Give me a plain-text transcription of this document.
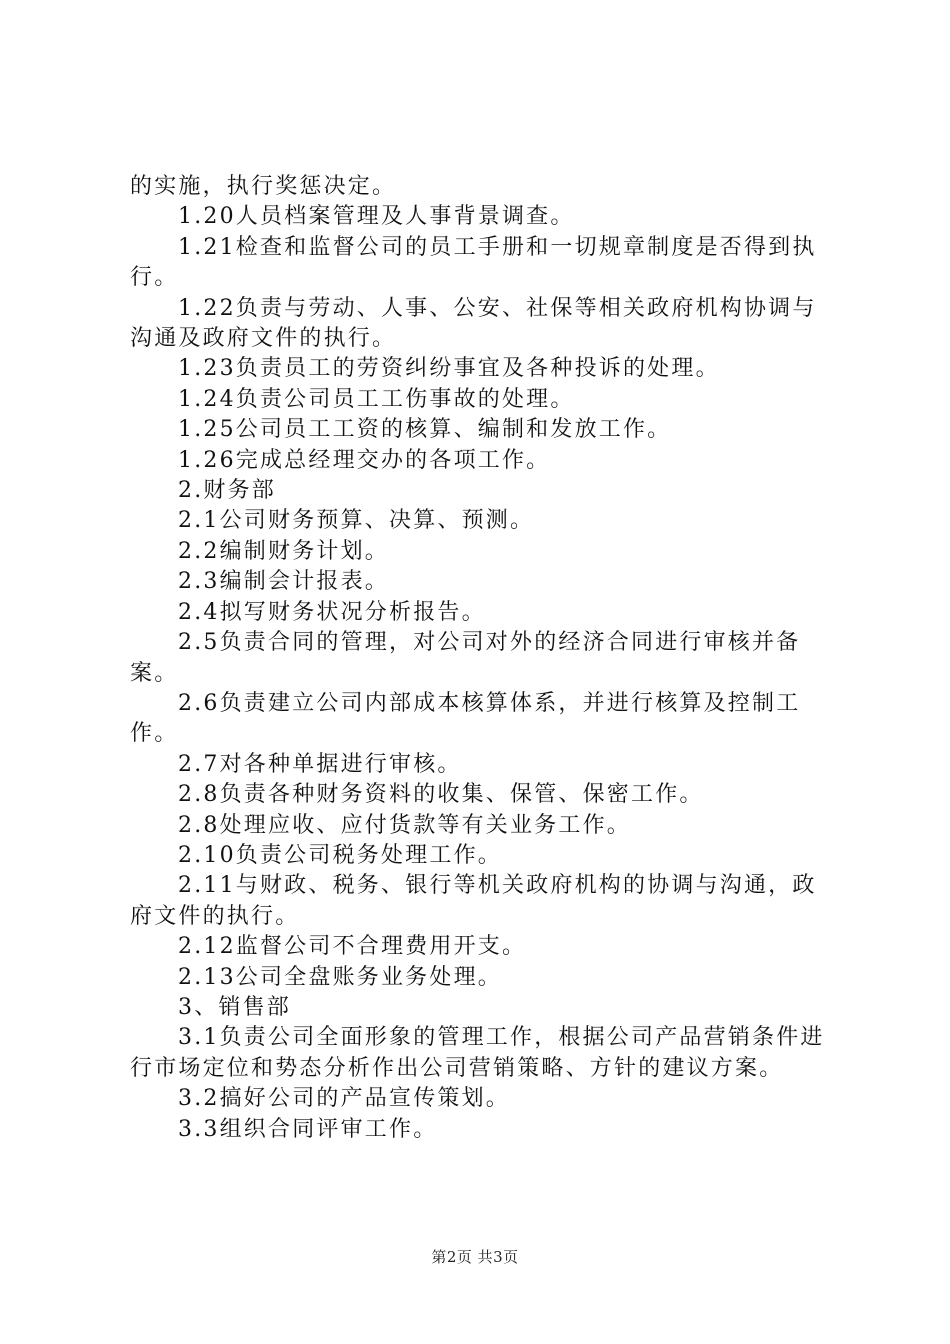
的实施，执行奖惩决定。

1.20人员档案管理及人事背景调查。

1.21检查和监督公司的员工手册和一切规章制度是否得到执行。

1.22负责与劳动、人事、公安、社保等相关政府机构协调与沟通及政府文件的执行。

1.23负责员工的劳资纠纷事宜及各种投诉的处理。

1.24负责公司员工工伤事故的处理。

1.25公司员工工资的核算、编制和发放工作。

1.26完成总经理交办的各项工作。

2.财务部

2.1公司财务预算、决算、预测。

2.2编制财务计划。

2.3编制会计报表。

2.4拟写财务状况分析报告。

2.5负责合同的管理，对公司对外的经济合同进行审核并备案。

2.6负责建立公司内部成本核算体系，并进行核算及控制工作。

2.7对各种单据进行审核。

2.8负责各种财务资料的收集、保管、保密工作。

2.8处理应收、应付货款等有关业务工作。

2.10负责公司税务处理工作。

2.11与财政、税务、银行等机关政府机构的协调与沟通，政府文件的执行。

2.12监督公司不合理费用开支。

2.13公司全盘账务业务处理。

3、销售部

3.1负责公司全面形象的管理工作，根据公司产品营销条件进行市场定位和势态分析作出公司营销策略、方针的建议方案。

3.2搞好公司的产品宣传策划。

3.3组织合同评审工作。

第2页 共3页
